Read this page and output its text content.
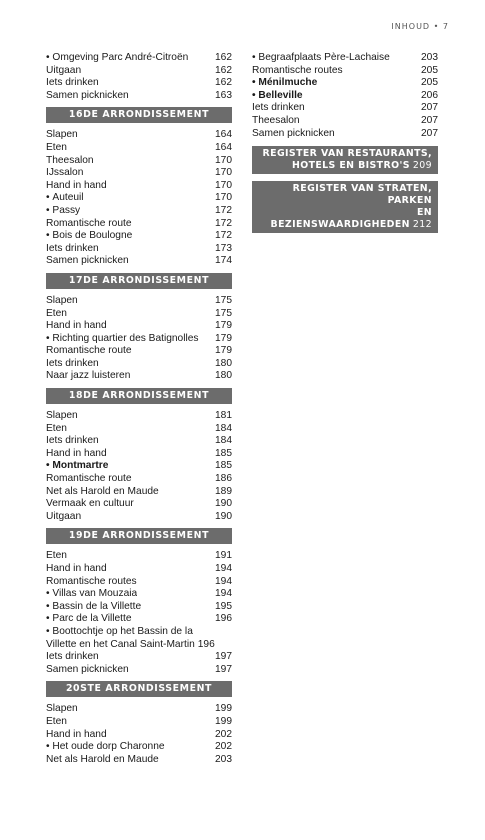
INHOUD • 7
• Omgeving Parc André-Citroën	162
Uitgaan	162
Iets drinken	162
Samen picknicken	163
16DE ARRONDISSEMENT
Slapen	164
Eten	164
Theesalon	170
IJssalon	170
Hand in hand	170
• Auteuil	170
• Passy	172
Romantische route	172
• Bois de Boulogne	172
Iets drinken	173
Samen picknicken	174
17DE ARRONDISSEMENT
Slapen	175
Eten	175
Hand in hand	179
• Richting quartier des Batignolles 179
Romantische route	179
Iets drinken	180
Naar jazz luisteren	180
18DE ARRONDISSEMENT
Slapen	181
Eten	184
Iets drinken	184
Hand in hand	185
• Montmartre	185
Romantische route	186
Net als Harold en Maude	189
Vermaak en cultuur	190
Uitgaan	190
19DE ARRONDISSEMENT
Eten	191
Hand in hand	194
Romantische routes	194
• Villas van Mouzaia	194
• Bassin de la Villette	195
• Parc de la Villette	196
• Boottochtje op het Bassin de la
Villette en het Canal Saint-Martin 196
Iets drinken	197
Samen picknicken	197
20STE ARRONDISSEMENT
Slapen	199
Eten	199
Hand in hand	202
• Het oude dorp Charonne	202
Net als Harold en Maude	203
• Begraafplaats Père-Lachaise	203
Romantische routes	205
• Ménilmuche	205
• Belleville	206
Iets drinken	207
Theesalon	207
Samen picknicken	207
REGISTER VAN RESTAURANTS,
HOTELS EN BISTRO'S 209
REGISTER VAN STRATEN, PARKEN
EN BEZIENSWAARDIGHEDEN 212
